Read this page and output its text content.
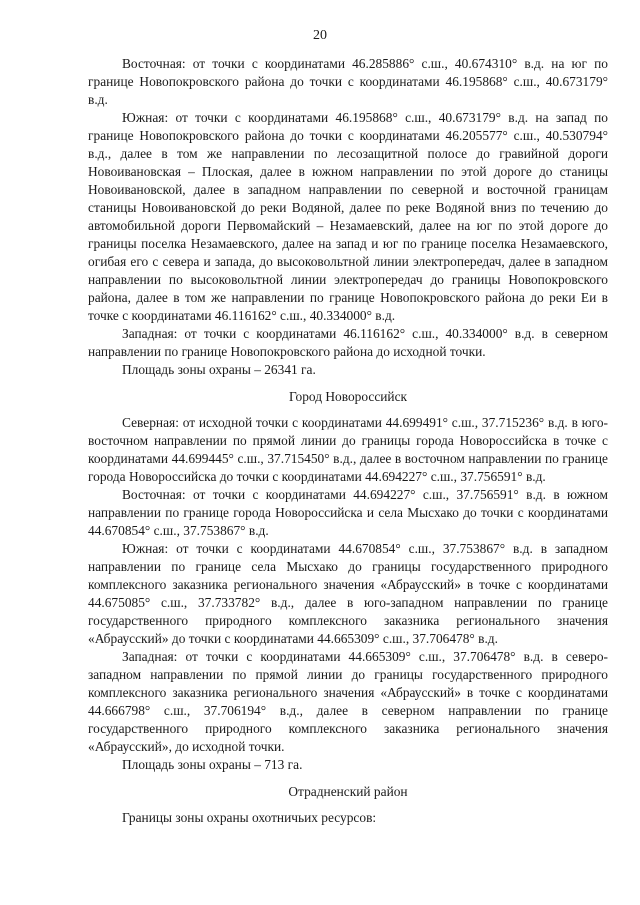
20

Восточная: от точки с координатами 46.285886° с.ш., 40.674310° в.д. на юг по границе Новопокровского района до точки с координатами 46.195868° с.ш., 40.673179° в.д.

Южная: от точки с координатами 46.195868° с.ш., 40.673179° в.д. на запад по границе Новопокровского района до точки с координатами 46.205577° с.ш., 40.530794° в.д., далее в том же направлении по лесозащитной полосе до гравийной дороги Новоивановская – Плоская, далее в южном направлении по этой дороге до станицы Новоивановской, далее в западном направлении по северной и восточной границам станицы Новоивановской до реки Водяной, далее по реке Водяной вниз по течению до автомобильной дороги Первомайский – Незамаевский, далее на юг по этой дороге до границы поселка Незамаевского, далее на запад и юг по границе поселка Незамаевского, огибая его с севера и запада, до высоковольтной линии электропередач, далее в западном направлении по высоковольтной линии электропередач до границы Новопокровского района, далее в том же направлении по границе Новопокровского района до реки Еи в точке с координатами 46.116162° с.ш., 40.334000° в.д.

Западная: от точки с координатами 46.116162° с.ш., 40.334000° в.д. в северном направлении по границе Новопокровского района до исходной точки.

Площадь зоны охраны – 26341 га.

Город Новороссийск

Северная: от исходной точки с координатами 44.699491° с.ш., 37.715236° в.д. в юго-восточном направлении по прямой линии до границы города Новороссийска в точке с координатами 44.699445° с.ш., 37.715450° в.д., далее в восточном направлении по границе города Новороссийска до точки с координатами 44.694227° с.ш., 37.756591° в.д.

Восточная: от точки с координатами 44.694227° с.ш., 37.756591° в.д. в южном направлении по границе города Новороссийска и села Мысхако до точки с координатами 44.670854° с.ш., 37.753867° в.д.

Южная: от точки с координатами 44.670854° с.ш., 37.753867° в.д. в западном направлении по границе села Мысхако до границы государственного природного комплексного заказника регионального значения «Абраусский» в точке с координатами 44.675085° с.ш., 37.733782° в.д., далее в юго-западном направлении по границе государственного природного комплексного заказника регионального значения «Абраусский» до точки с координатами 44.665309° с.ш., 37.706478° в.д.

Западная: от точки с координатами 44.665309° с.ш., 37.706478° в.д. в северо-западном направлении по прямой линии до границы государственного природного комплексного заказника регионального значения «Абраусский» в точке с координатами 44.666798° с.ш., 37.706194° в.д., далее в северном направлении по границе государственного природного комплексного заказника регионального значения «Абраусский», до исходной точки.

Площадь зоны охраны – 713 га.

Отрадненский район

Границы зоны охраны охотничьих ресурсов:
